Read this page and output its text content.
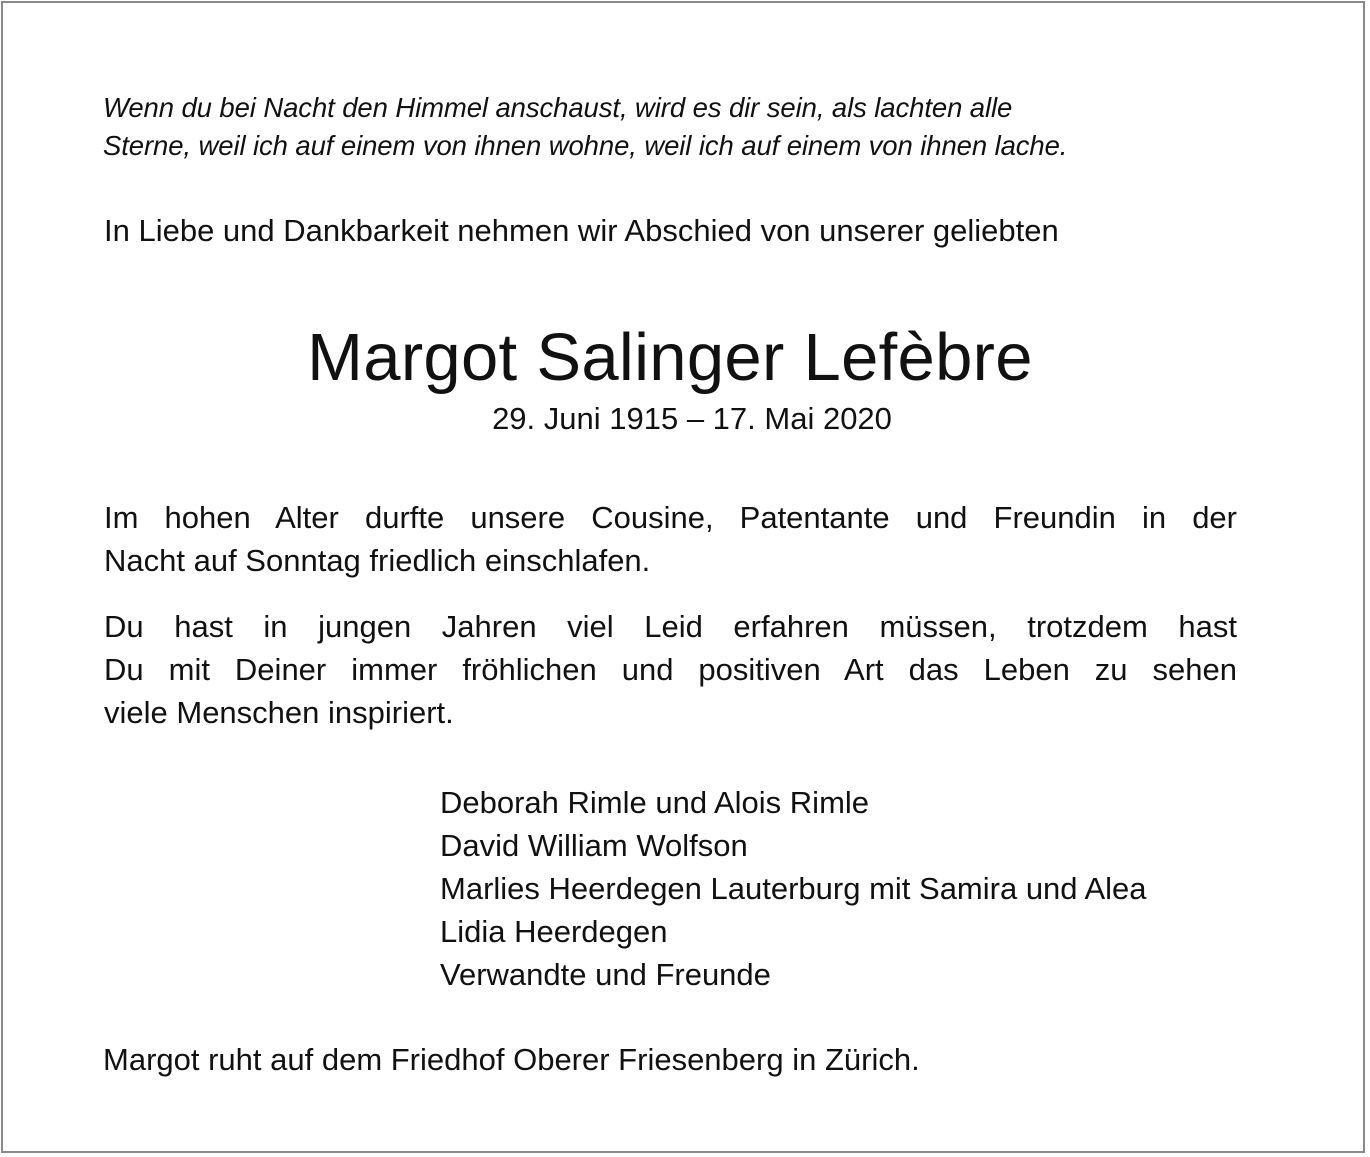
Wenn du bei Nacht den Himmel anschaust, wird es dir sein, als lachten alle
Sterne, weil ich auf einem von ihnen wohne, weil ich auf einem von ihnen lache.
In Liebe und Dankbarkeit nehmen wir Abschied von unserer geliebten
Margot Salinger Lefèbre
29. Juni 1915 – 17. Mai 2020
Im hohen Alter durfte unsere Cousine, Patentante und Freundin in der
Nacht auf Sonntag friedlich einschlafen.
Du hast in jungen Jahren viel Leid erfahren müssen, trotzdem hast
Du mit Deiner immer fröhlichen und positiven Art das Leben zu sehen
viele Menschen inspiriert.
Deborah Rimle und Alois Rimle
David William Wolfson
Marlies Heerdegen Lauterburg mit Samira und Alea
Lidia Heerdegen
Verwandte und Freunde
Margot ruht auf dem Friedhof Oberer Friesenberg in Zürich.
